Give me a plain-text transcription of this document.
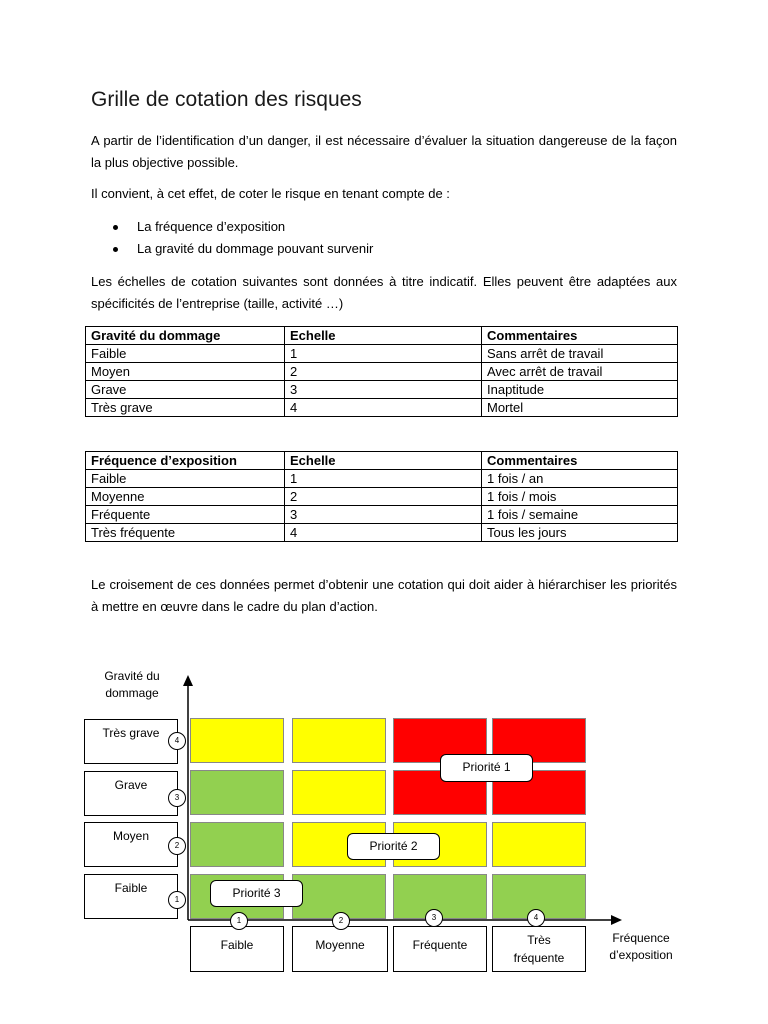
Grille de cotation des risques
A partir de l’identification d’un danger, il est nécessaire d’évaluer la situation dangereuse de la façon la plus objective possible.
Il convient, à cet effet, de coter le risque en tenant compte de :
La fréquence d’exposition
La gravité du dommage pouvant survenir
Les échelles de cotation suivantes sont données à titre indicatif. Elles peuvent être adaptées aux spécificités de l’entreprise (taille, activité …)
Gravité du dommage	Echelle	Commentaires
Faible	1	Sans arrêt de travail
Moyen	2	Avec arrêt de travail
Grave	3	Inaptitude
Très grave	4	Mortel
Fréquence d’exposition	Echelle	Commentaires
Faible	1	1 fois / an
Moyenne	2	1 fois / mois
Fréquente	3	1 fois / semaine
Très fréquente	4	Tous les jours
Le croisement de ces données permet d’obtenir une cotation qui doit aider à hiérarchiser les priorités à mettre en œuvre dans le cadre du plan d’action.
Gravité du
dommage
Fréquence
d’exposition
Très grave
Grave
Moyen
Faible
4
3
2
1
Faible	Moyenne	Fréquente	Très
fréquente
1	2	3	4
Priorité 1
Priorité 2
Priorité 3
